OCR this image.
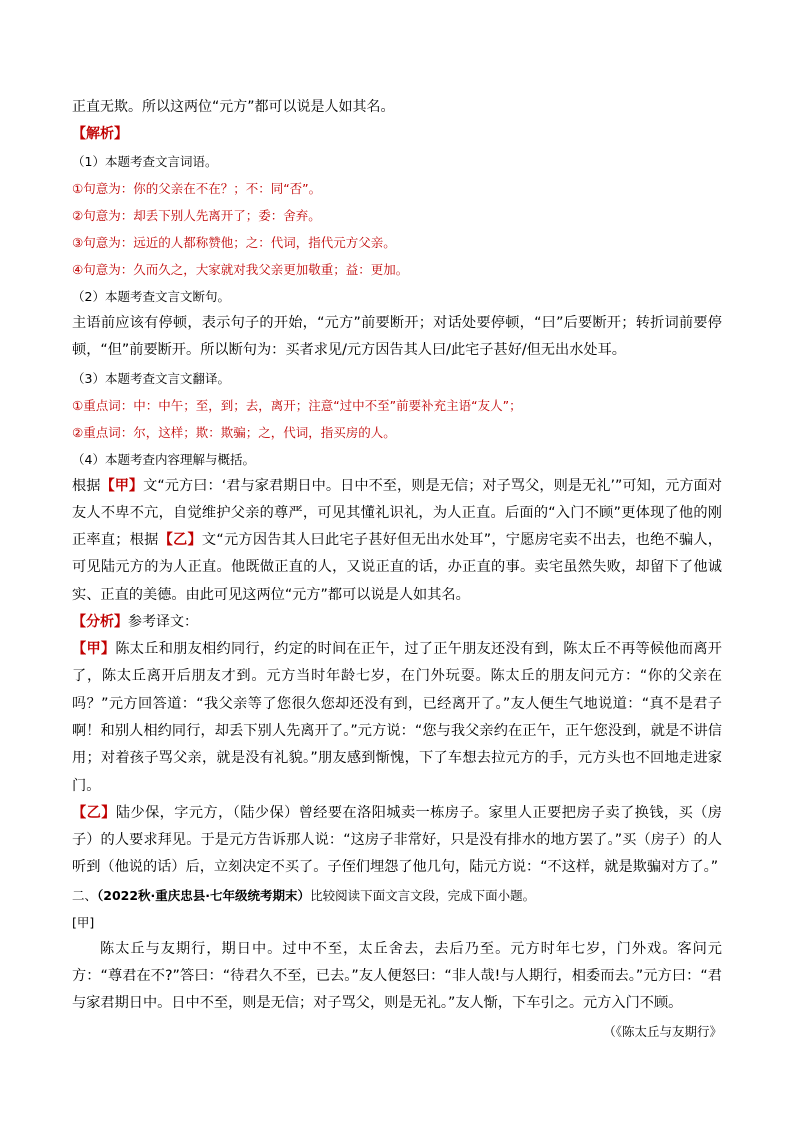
正直无欺。所以这两位“元方”都可以说是人如其名。
【解析】
（1）本题考查文言词语。
①句意为：你的父亲在不在？；不：同“否”。
②句意为：却丢下别人先离开了；委：舍弃。
③句意为：远近的人都称赞他；之：代词，指代元方父亲。
④句意为：久而久之，大家就对我父亲更加敬重；益：更加。
（2）本题考查文言文断句。
主语前应该有停顿，表示句子的开始，“元方”前要断开；对话处要停顿，“曰”后要断开；转折词前要停顿，“但”前要断开。所以断句为：买者求见/元方因告其人曰/此宅子甚好/但无出水处耳。
（3）本题考查文言文翻译。
①重点词：中：中午；至，到；去，离开；注意“过中不至”前要补充主语“友人”；
②重点词：尔，这样；欺：欺骗；之，代词，指买房的人。
（4）本题考查内容理解与概括。
根据【甲】文“元方曰：‘君与家君期日中。日中不至，则是无信；对子骂父，则是无礼’”可知，元方面对友人不卑不亢，自觉维护父亲的尊严，可见其懂礼识礼，为人正直。后面的“入门不顾”更体现了他的刚正率直；根据【乙】文“元方因告其人曰此宅子甚好但无出水处耳”，宁愿房宅卖不出去，也绝不骗人，可见陆元方的为人正直。他既做正直的人，又说正直的话，办正直的事。卖宅虽然失败，却留下了他诚实、正直的美德。由此可见这两位“元方”都可以说是人如其名。
【分析】参考译文：
【甲】陈太丘和朋友相约同行，约定的时间在正午，过了正午朋友还没有到，陈太丘不再等候他而离开了，陈太丘离开后朋友才到。元方当时年龄七岁，在门外玩耍。陈太丘的朋友问元方：“你的父亲在吗？”元方回答道：“我父亲等了您很久您却还没有到，已经离开了。”友人便生气地说道：“真不是君子啊！和别人相约同行，却丢下别人先离开了。”元方说：“您与我父亲约在正午，正午您没到，就是不讲信用；对着孩子骂父亲，就是没有礼貌。”朋友感到惭愧，下了车想去拉元方的手，元方头也不回地走进家门。
【乙】陆少保，字元方，（陆少保）曾经要在洛阳城卖一栋房子。家里人正要把房子卖了换钱，买（房子）的人要求拜见。于是元方告诉那人说：“这房子非常好，只是没有排水的地方罢了。”买（房子）的人听到（他说的话）后，立刻决定不买了。子侄们埋怨了他几句，陆元方说：“不这样，就是欺骗对方了。”
二、（2022秋·重庆忠县·七年级统考期末）比较阅读下面文言文段，完成下面小题。
[甲]
陈太丘与友期行，期日中。过中不至，太丘舍去，去后乃至。元方时年七岁，门外戏。客问元方：“尊君在不?”答曰：“待君久不至，已去。”友人便怒曰：“非人哉!与人期行，相委而去。”元方曰：“君与家君期日中。日中不至，则是无信；对子骂父，则是无礼。”友人惭，下车引之。元方入门不顾。
（《陈太丘与友期行》
